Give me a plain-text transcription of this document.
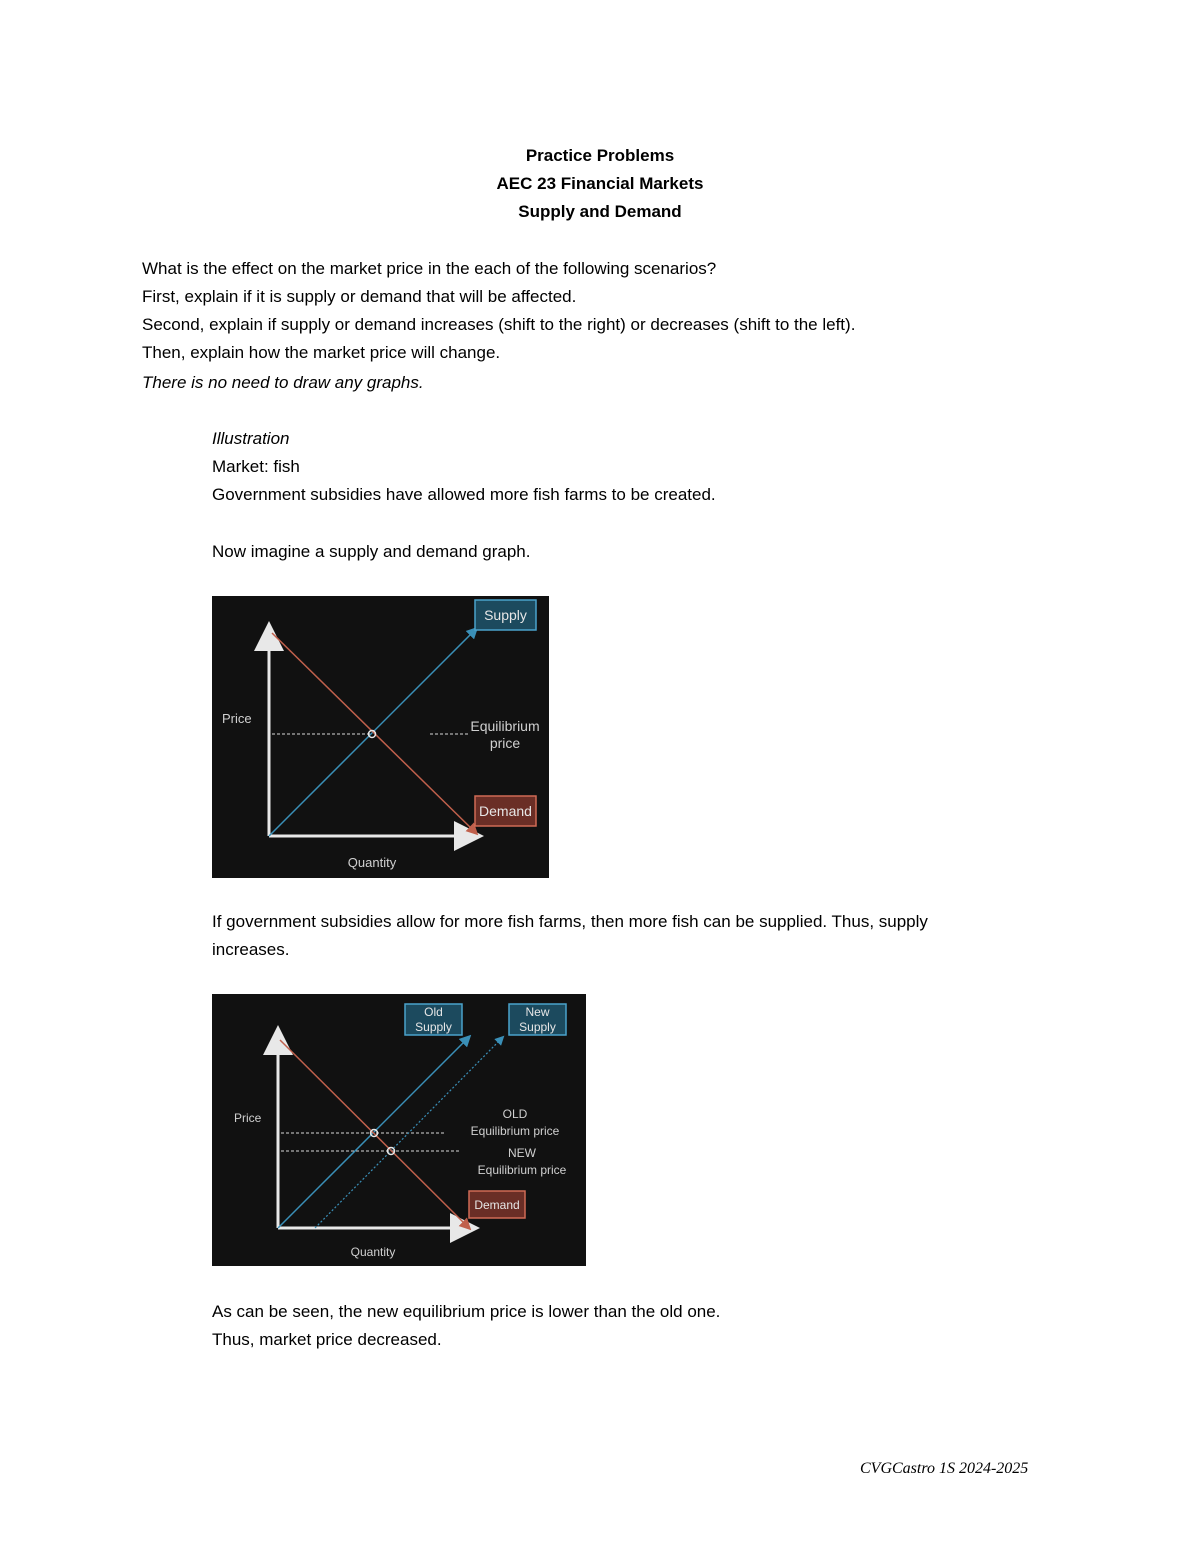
Practice Problems
AEC 23 Financial Markets
Supply and Demand
What is the effect on the market price in the each of the following scenarios?
First, explain if it is supply or demand that will be affected.
Second, explain if supply or demand increases (shift to the right) or decreases (shift to the left).
Then, explain how the market price will change.
There is no need to draw any graphs.
Illustration
Market: fish
Government subsidies have allowed more fish farms to be created.
Now imagine a supply and demand graph.
Supply
Demand
Price
Quantity
Equilibrium
price
If government subsidies allow for more fish farms, then more fish can be supplied. Thus, supply
increases.
Old
Supply
New
Supply
Price
Quantity
OLD
Equilibrium price
NEW
Equilibrium price
Demand
As can be seen, the new equilibrium price is lower than the old one.
Thus, market price decreased.
CVGCastro 1S 2024-2025
